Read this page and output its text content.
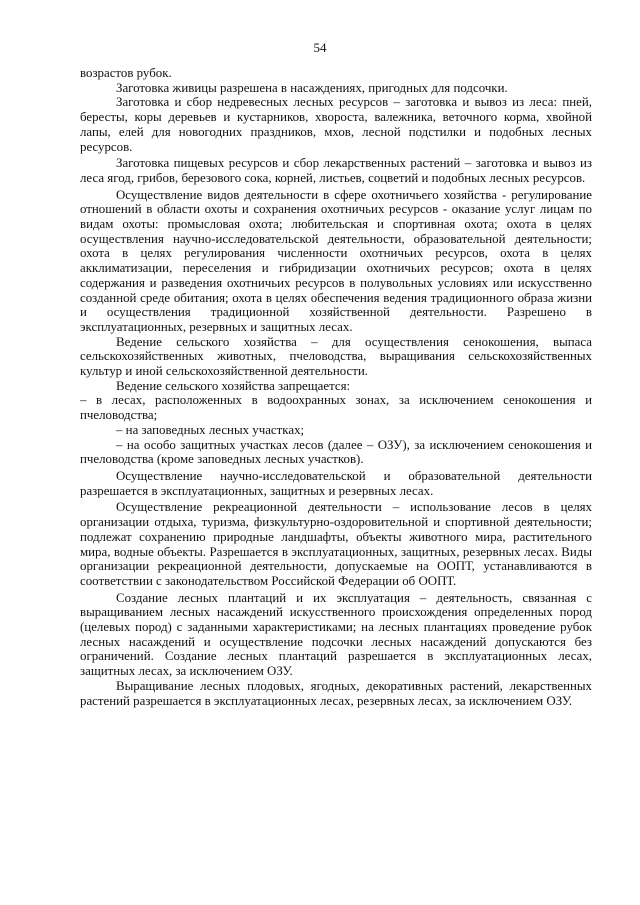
54

возрастов рубок.

Заготовка живицы разрешена в насаждениях, пригодных для подсочки.

Заготовка и сбор недревесных лесных ресурсов – заготовка и вывоз из леса: пней, бересты, коры деревьев и кустарников, хвороста, валежника, веточного корма, хвойной лапы, елей для новогодних праздников, мхов, лесной подстилки и подобных лесных ресурсов.

Заготовка пищевых ресурсов и сбор лекарственных растений – заготовка и вывоз из леса ягод, грибов, березового сока, корней, листьев, соцветий и подобных лесных ресурсов.

Осуществление видов деятельности в сфере охотничьего хозяйства - регулирование отношений в области охоты и сохранения охотничьих ресурсов - оказание услуг лицам по видам охоты: промысловая охота; любительская и спортивная охота; охота в целях осуществления научно-исследовательской деятельности, образовательной деятельности; охота в целях регулирования численности охотничьих ресурсов, охота в целях акклиматизации, переселения и гибридизации охотничьих ресурсов; охота в целях содержания и разведения охотничьих ресурсов в полувольных условиях или искусственно созданной среде обитания; охота в целях обеспечения ведения традиционного образа жизни и осуществления традиционной хозяйственной деятельности. Разрешено в эксплуатационных, резервных и защитных лесах.

Ведение сельского хозяйства – для осуществления сенокошения, выпаса сельскохозяйственных животных, пчеловодства, выращивания сельскохозяйственных культур и иной сельскохозяйственной деятельности.

Ведение сельского хозяйства запрещается:

– в лесах, расположенных в водоохранных зонах, за исключением сенокошения и пчеловодства;

– на заповедных лесных участках;

– на особо защитных участках лесов (далее – ОЗУ), за исключением сенокошения и пчеловодства (кроме заповедных лесных участков).

Осуществление научно-исследовательской и образовательной деятельности разрешается в эксплуатационных, защитных и резервных лесах.

Осуществление рекреационной деятельности – использование лесов в целях организации отдыха, туризма, физкультурно-оздоровительной и спортивной деятельности; подлежат сохранению природные ландшафты, объекты животного мира, растительного мира, водные объекты. Разрешается в эксплуатационных, защитных, резервных лесах. Виды организации рекреационной деятельности, допускаемые на ООПТ, устанавливаются в соответствии с законодательством Российской Федерации об ООПТ.

Создание лесных плантаций и их эксплуатация – деятельность, связанная с выращиванием лесных насаждений искусственного происхождения определенных пород (целевых пород) с заданными характеристиками; на лесных плантациях проведение рубок лесных насаждений и осуществление подсочки лесных насаждений допускаются без ограничений. Создание лесных плантаций разрешается в эксплуатационных лесах, защитных лесах, за исключением ОЗУ.

Выращивание лесных плодовых, ягодных, декоративных растений, лекарственных растений разрешается в эксплуатационных лесах, резервных лесах, за исключением ОЗУ.
